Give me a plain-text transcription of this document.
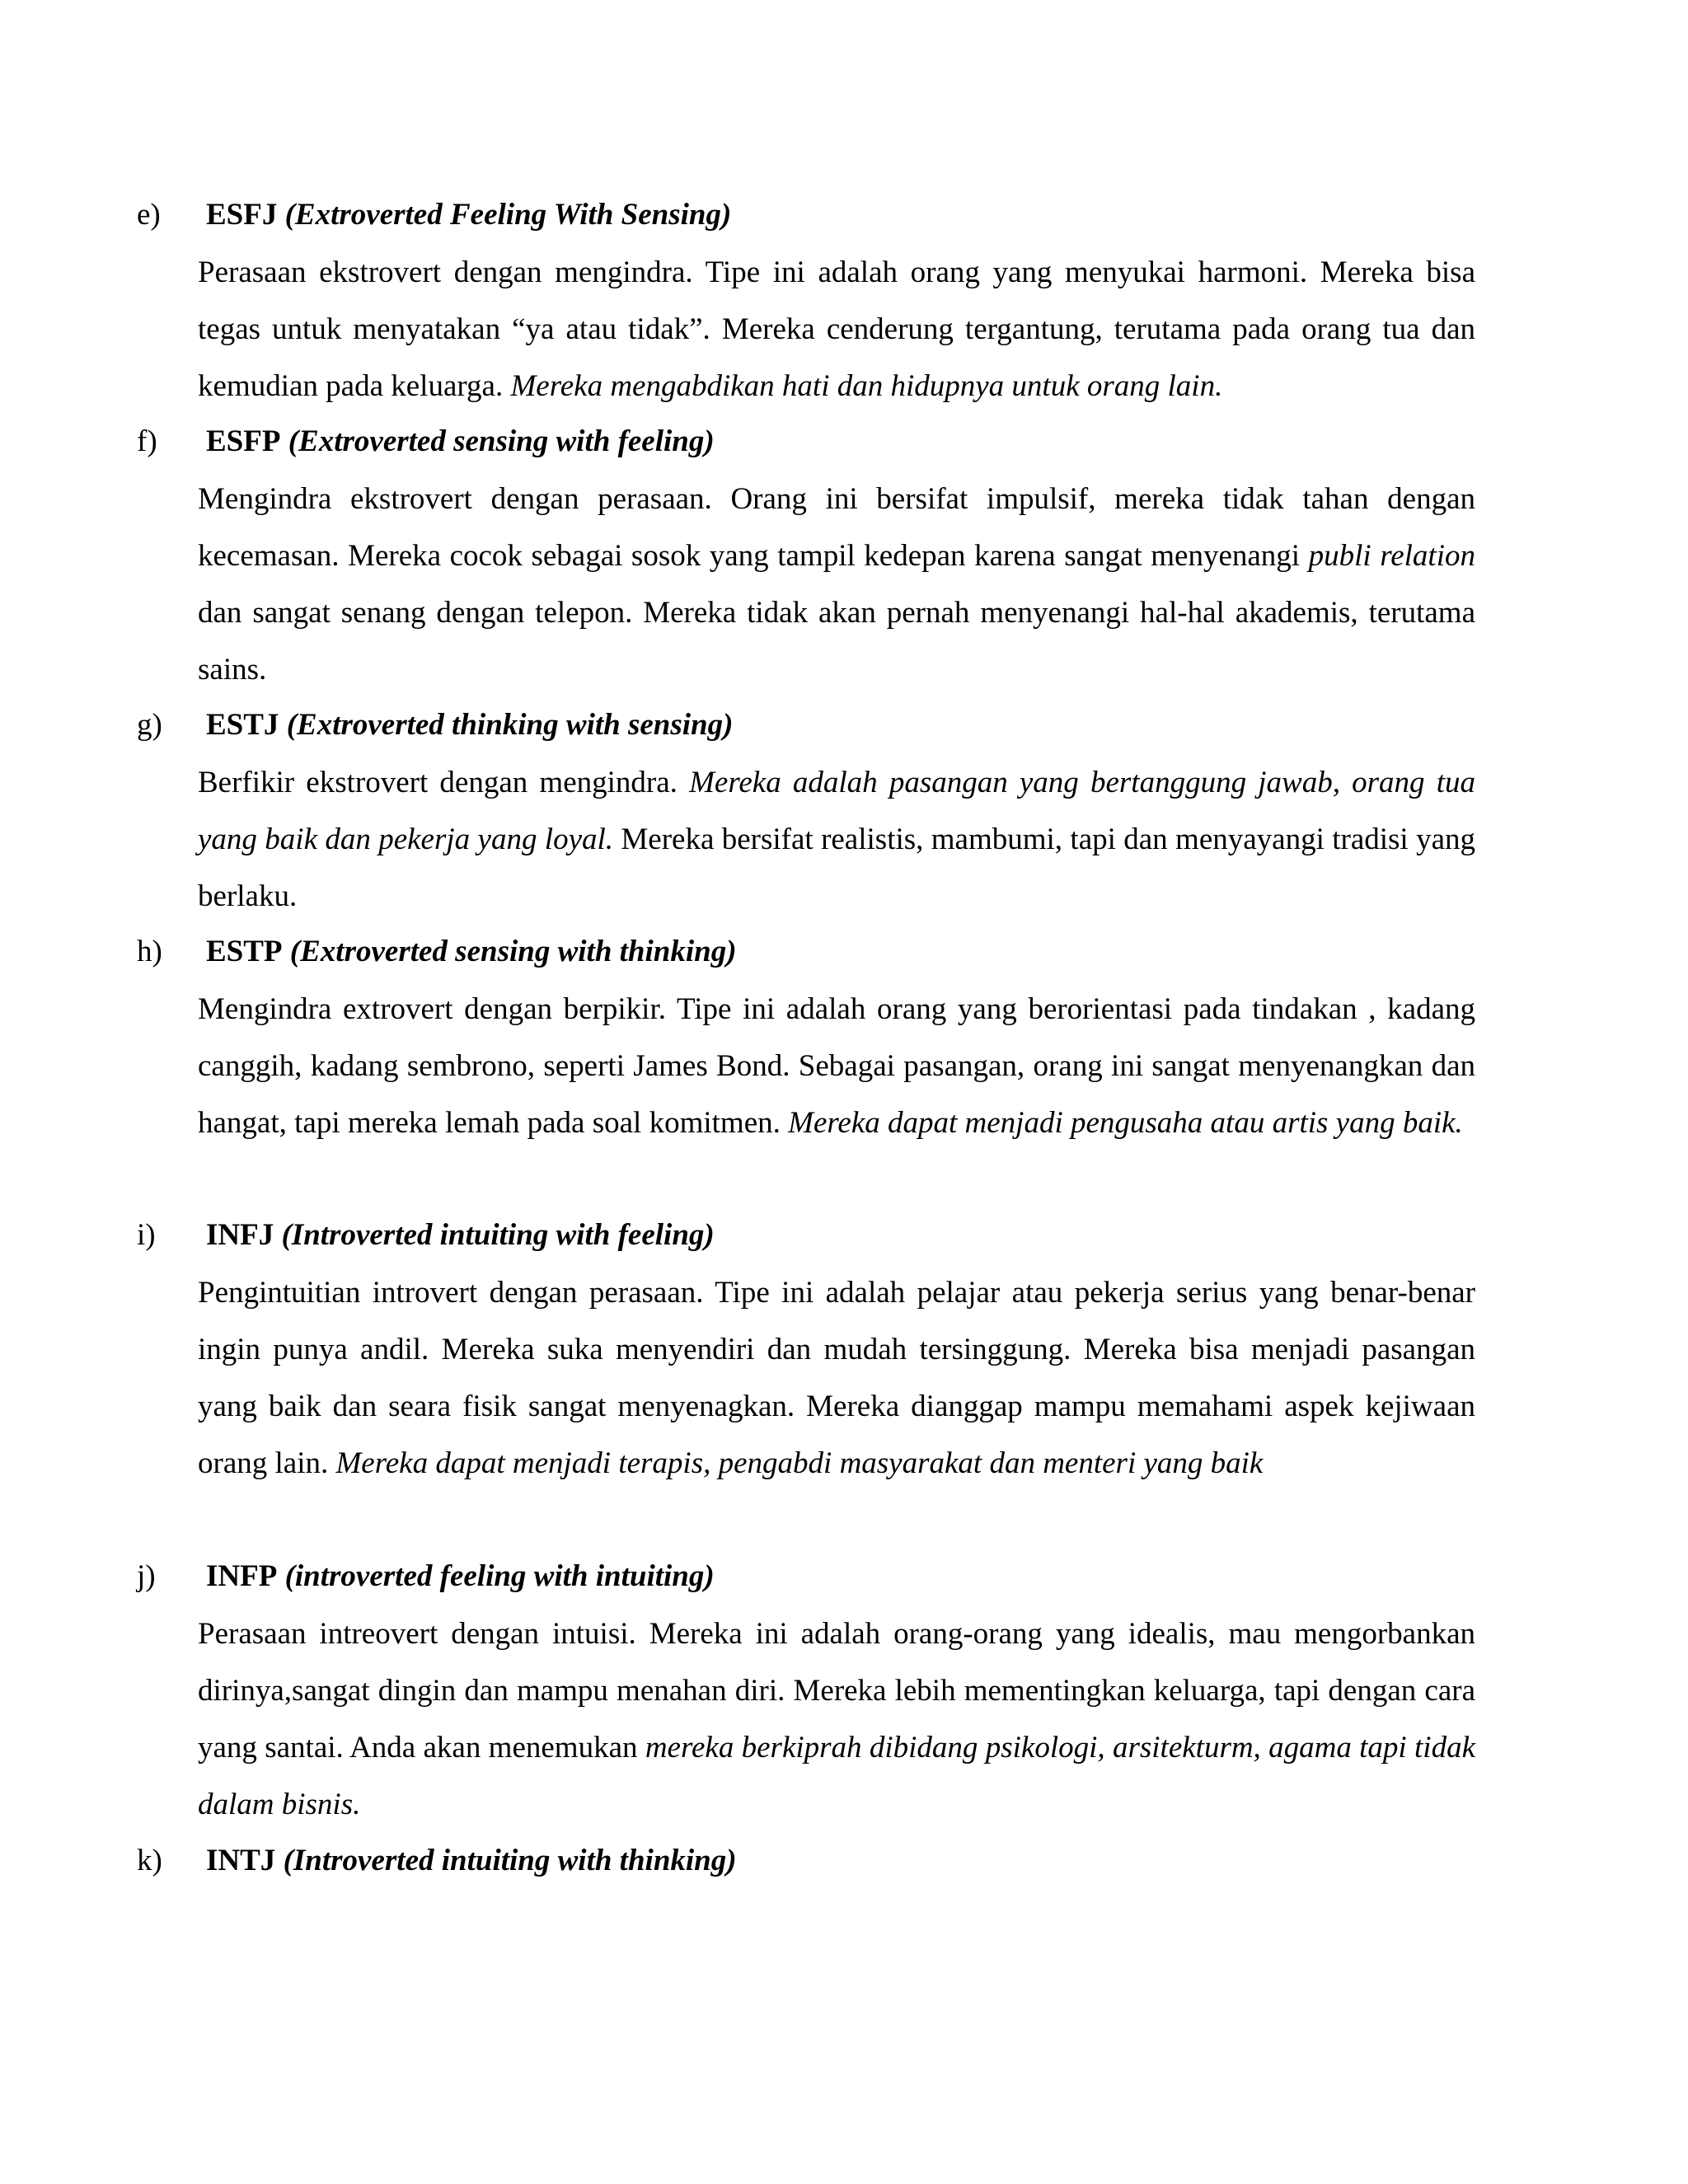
e) ESFJ (Extroverted Feeling With Sensing)
Perasaan ekstrovert dengan mengindra. Tipe ini adalah orang yang menyukai harmoni. Mereka bisa tegas untuk menyatakan “ya atau tidak”. Mereka cenderung tergantung, terutama pada orang tua dan kemudian pada keluarga. Mereka mengabdikan hati dan hidupnya untuk orang lain.
f) ESFP (Extroverted sensing with feeling)
Mengindra ekstrovert dengan perasaan. Orang ini bersifat impulsif, mereka tidak tahan dengan kecemasan. Mereka cocok sebagai sosok yang tampil kedepan karena sangat menyenangi publi relation dan sangat senang dengan telepon. Mereka tidak akan pernah menyenangi hal-hal akademis, terutama sains.
g) ESTJ (Extroverted thinking with sensing)
Berfikir ekstrovert dengan mengindra. Mereka adalah pasangan yang bertanggung jawab, orang tua yang baik dan pekerja yang loyal. Mereka bersifat realistis, mambumi, tapi dan menyayangi tradisi yang berlaku.
h) ESTP (Extroverted sensing with thinking)
Mengindra extrovert dengan berpikir. Tipe ini adalah orang yang berorientasi pada tindakan , kadang canggih, kadang sembrono, seperti James Bond. Sebagai pasangan, orang ini sangat menyenangkan dan hangat, tapi mereka lemah pada soal komitmen. Mereka dapat menjadi pengusaha atau artis yang baik.
i) INFJ (Introverted intuiting with feeling)
Pengintuitian introvert dengan perasaan. Tipe ini adalah pelajar atau pekerja serius yang benar-benar ingin punya andil. Mereka suka menyendiri dan mudah tersinggung. Mereka bisa menjadi pasangan yang baik dan seara fisik sangat menyenagkan. Mereka dianggap mampu memahami aspek kejiwaan orang lain. Mereka dapat menjadi terapis, pengabdi masyarakat dan menteri yang baik
j) INFP (introverted feeling with intuiting)
Perasaan intreovert dengan intuisi. Mereka ini adalah orang-orang yang idealis, mau mengorbankan dirinya,sangat dingin dan mampu menahan diri. Mereka lebih mementingkan keluarga, tapi dengan cara yang santai. Anda akan menemukan mereka berkiprah dibidang psikologi, arsitekturm, agama tapi tidak dalam bisnis.
k) INTJ (Introverted intuiting with thinking)
